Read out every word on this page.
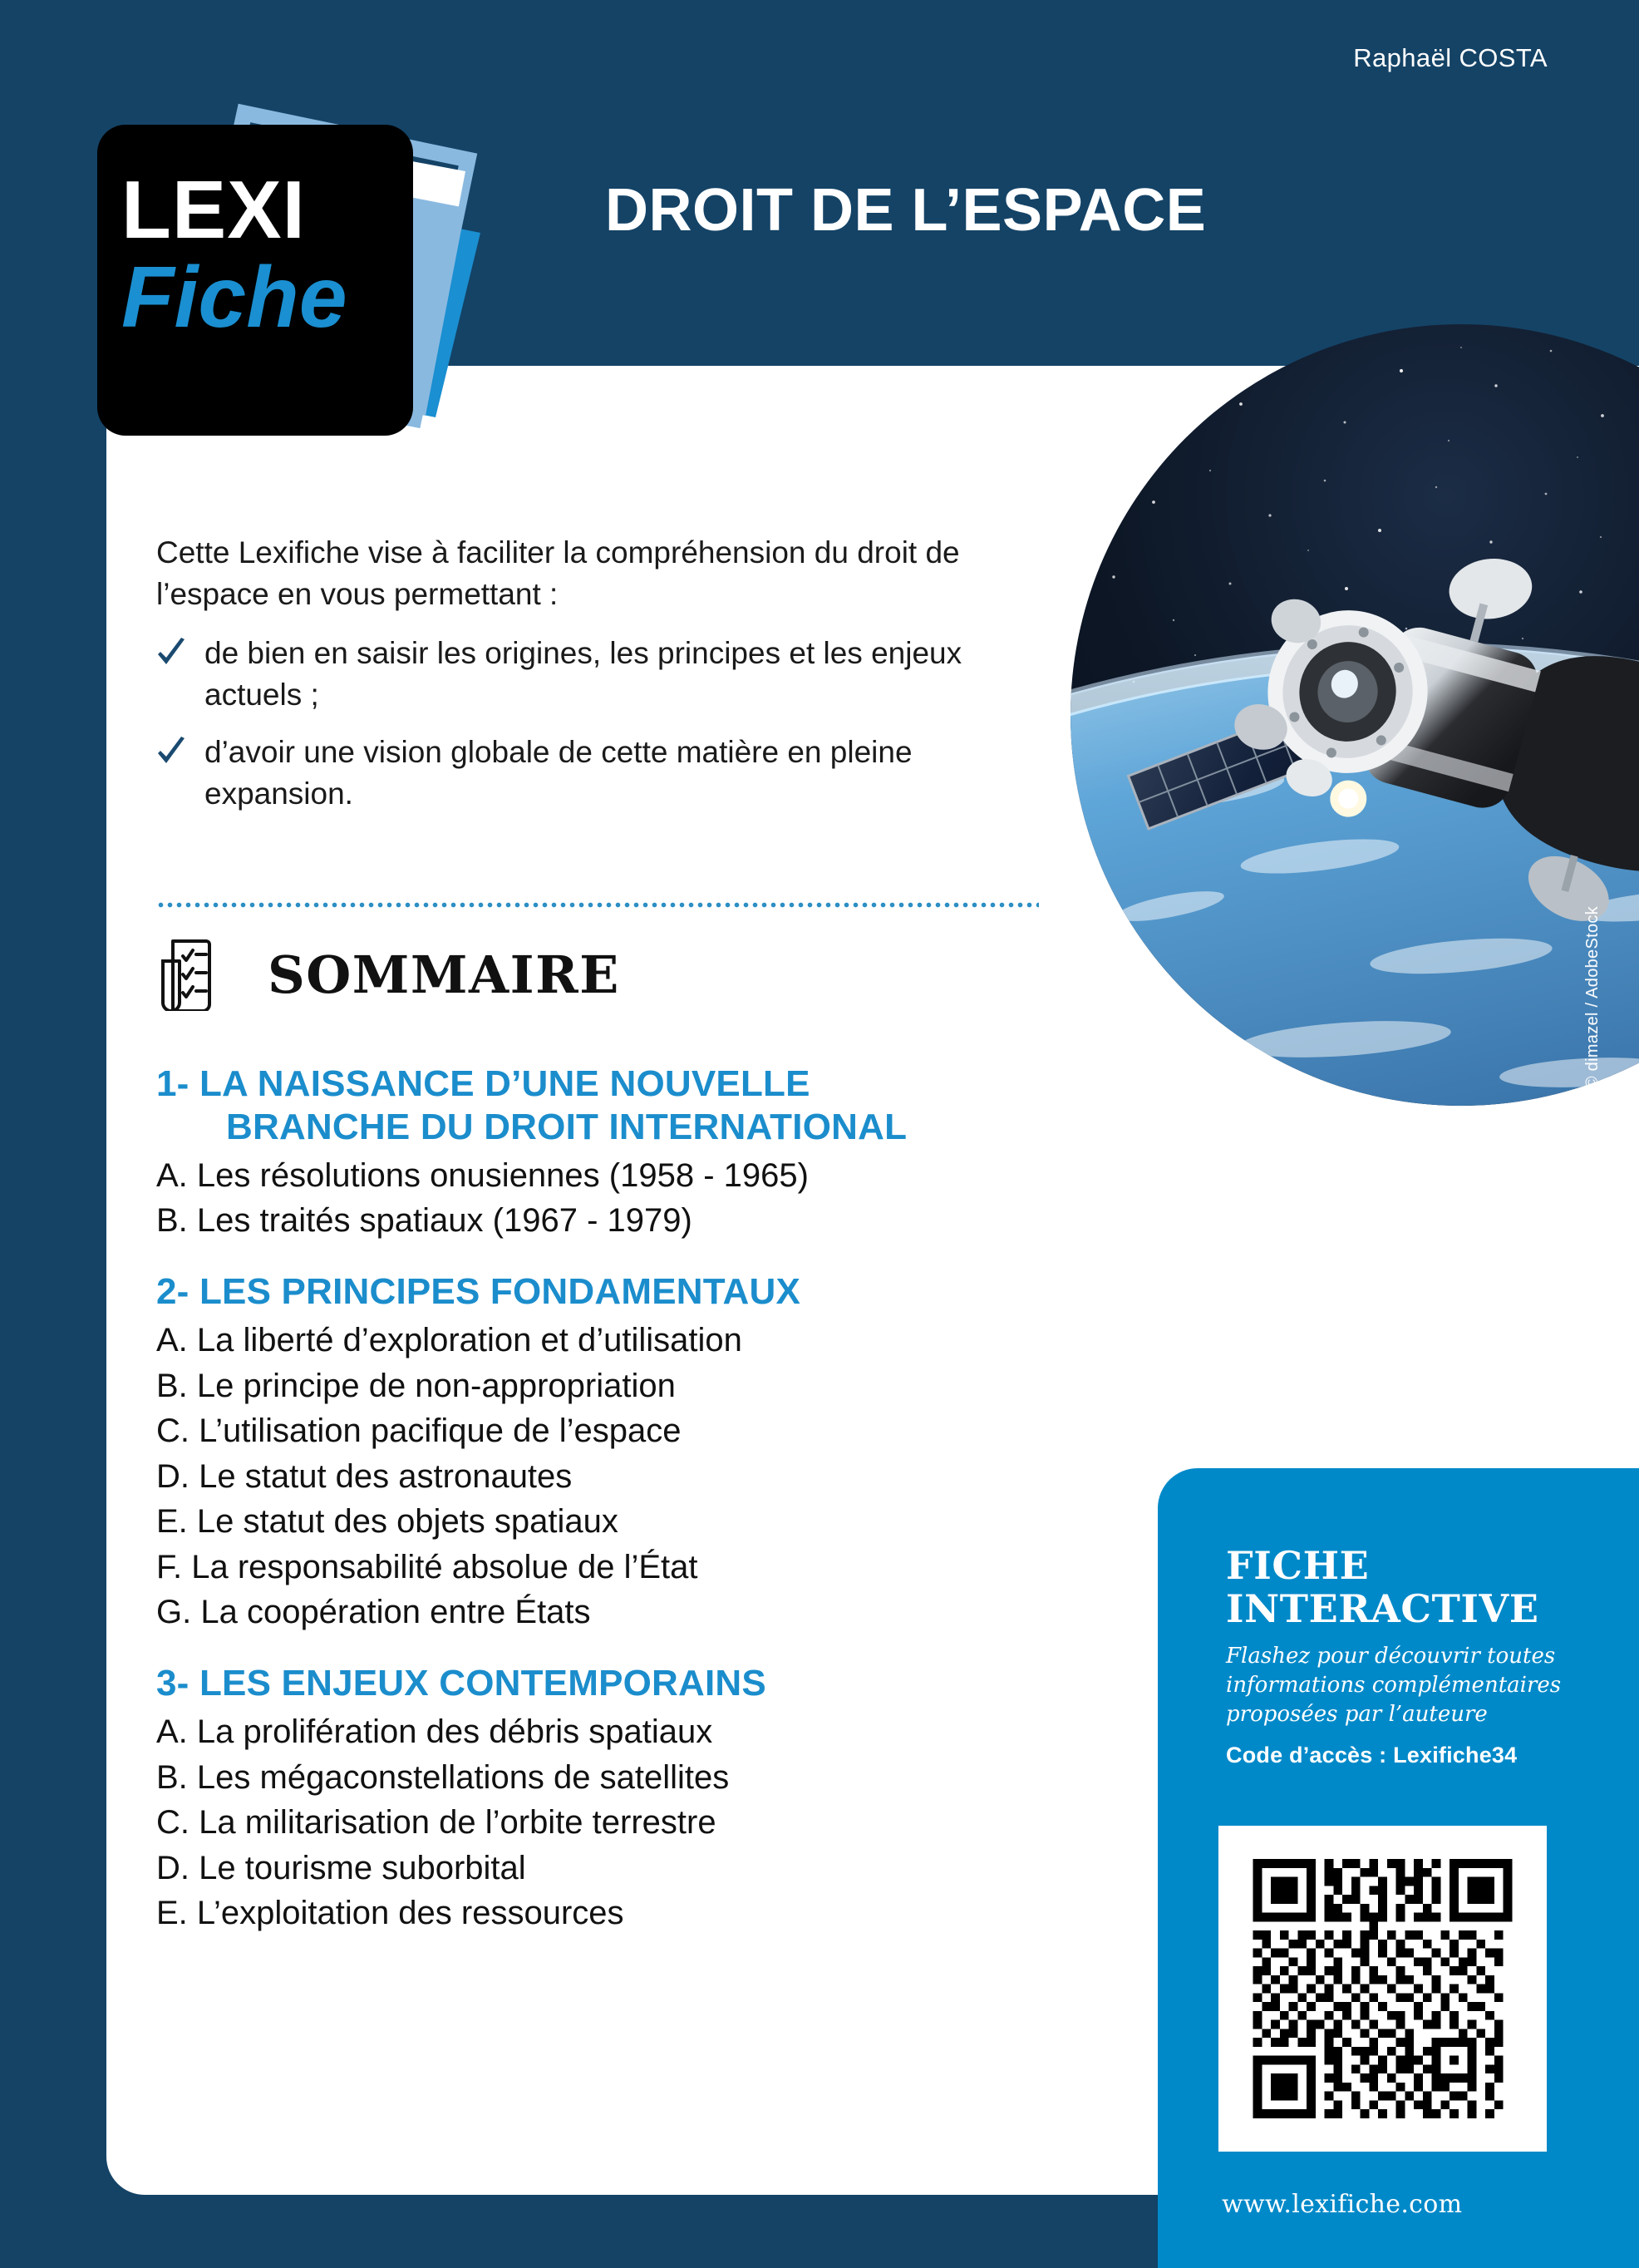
Raphaël COSTA
© dimazel / AdobeStock
LEXI
Fiche
DROIT DE L’ESPACE

Cette Lexifiche vise à faciliter la compréhension du droit de l’espace en vous permettant :

de bien en saisir les origines, les principes et les enjeux actuels ;
d’avoir une vision globale de cette matière en pleine expansion.
SOMMAIRE
1- LA NAISSANCE D’UNE NOUVELLE
BRANCHE DU DROIT INTERNATIONAL
A. Les résolutions onusiennes (1958 - 1965)
B. Les traités spatiaux (1967 - 1979)
2- LES PRINCIPES FONDAMENTAUX
A. La liberté d’exploration et d’utilisation
B. Le principe de non-appropriation
C. L’utilisation pacifique de l’espace
D. Le statut des astronautes
E. Le statut des objets spatiaux
F. La responsabilité absolue de l’État
G. La coopération entre États
3- LES ENJEUX CONTEMPORAINS
A. La prolifération des débris spatiaux
B. Les mégaconstellations de satellites
C. La militarisation de l’orbite terrestre
D. Le tourisme suborbital
E. L’exploitation des ressources
FICHE
INTERACTIVE
Flashez pour découvrir toutes informations complémentaires proposées par l’auteure
Code d’accès : Lexifiche34
www.lexifiche.com
